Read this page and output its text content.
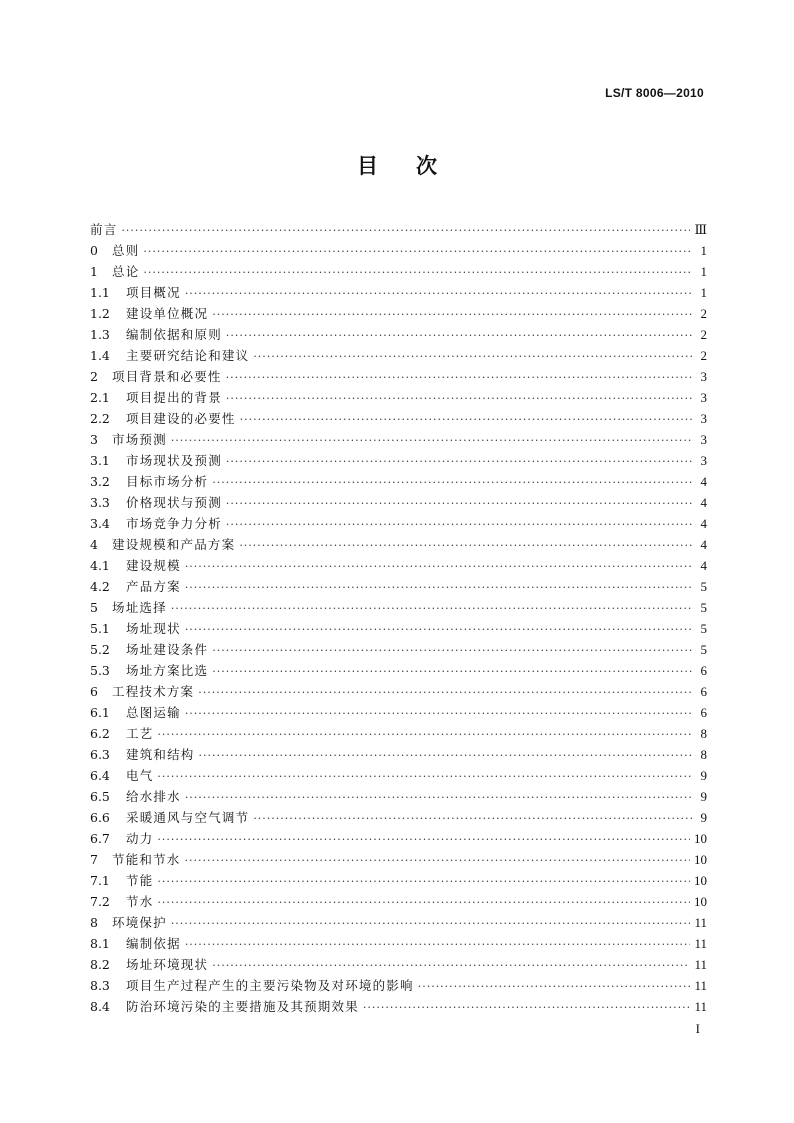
LS/T 8006—2010
目次
前言 ·····	Ⅲ
0	总则 ·····	1
1	总论 ·····	1
1.1	项目概况 ·····	1
1.2	建设单位概况 ·····	2
1.3	编制依据和原则 ·····	2
1.4	主要研究结论和建议 ·····	2
2	项目背景和必要性 ·····	3
2.1	项目提出的背景 ·····	3
2.2	项目建设的必要性 ·····	3
3	市场预测 ·····	3
3.1	市场现状及预测 ·····	3
3.2	目标市场分析 ·····	4
3.3	价格现状与预测 ·····	4
3.4	市场竞争力分析 ·····	4
4	建设规模和产品方案 ·····	4
4.1	建设规模 ·····	4
4.2	产品方案 ·····	5
5	场址选择 ·····	5
5.1	场址现状 ·····	5
5.2	场址建设条件 ·····	5
5.3	场址方案比选 ·····	6
6	工程技术方案 ·····	6
6.1	总图运输 ·····	6
6.2	工艺 ·····	8
6.3	建筑和结构 ·····	8
6.4	电气 ·····	9
6.5	给水排水 ·····	9
6.6	采暖通风与空气调节 ·····	9
6.7	动力 ·····	10
7	节能和节水 ·····	10
7.1	节能 ·····	10
7.2	节水 ·····	10
8	环境保护 ·····	11
8.1	编制依据 ·····	11
8.2	场址环境现状 ·····	11
8.3	项目生产过程产生的主要污染物及对环境的影响 ·····	11
8.4	防治环境污染的主要措施及其预期效果 ·····	11
I
